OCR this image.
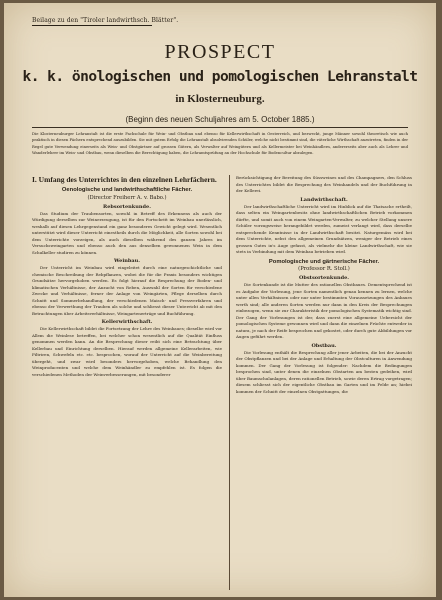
Beilage zu den "Tiroler landwirthsch. Blätter".
PROSPECT
k. k. önologischen und pomologischen Lehranstalt
in Klosterneuburg.
(Beginn des neuen Schuljahres am 5. October 1885.)
Die Klosterneuburger Lehranstalt ist die erste Fachschule für Wein- und Obstbau und ebenso für Kellerwirthschaft in Oesterreich, und bezweckt, junge Männer sowohl theoretisch wie auch praktisch in diesen Fächern entsprechend auszubilden. Sie mit gutem Erfolg die Lehranstalt absolvirenden Schüler, welche nicht bestimmt sind, die väterliche Wirthschaft anzutreten, finden in der Regel gute Verwendung einerseits als Wein- und Obstgärtner auf grossen Gütern, als Verwalter auf Weingütern und als Kellermeister bei Weinhändlern, andererseits aber auch als Lehrer und Wanderlehrer im Wein- und Obstbau, wenn dieselben die Berechtigung haben, die Lehramtsprüfung an der Hochschule für Bodencultur abzulegen.
I. Umfang des Unterrichtes in den einzelnen Lehrfächern.
Oenologische und landwirthschaftliche Fächer.
(Director Freiherr A. v. Babo.)
Rebsortenkunde.

Das Studium der Traubensorten, sowohl in Betreff des Erkennens als auch der Würdigung derselben zur Weinerzeugung, ist für den Fortschritt im Weinbau unerlässlich, weshalb auf diesen Lehrgegenstand ein ganz besonderes Gewicht gelegt wird. Wesentlich unterstützt wird dieser Unterricht einestheils durch die Möglichkeit, alle Sorten sowohl bei dem Unterrichte vorzeigen, als auch dieselben während des ganzen Jahres im Versuchsweingarten und ebenso auch den aus denselben gewonnenen Wein in dem Schulkeller studiren zu können.

Weinbau.

Der Unterricht im Weinbau wird eingeleitet durch eine naturgeschichtliche und chemische Beschreibung der Rebpflanzen, wobei die für die Praxis besonders wichtigen Grundsätze hervorgehoben werden. Es folgt hierauf die Besprechung der Boden- und klimatischen Verhältnisse, der Anzucht von Reben, Auswahl der Sorten für verschiedene Zwecke und Verhältnisse, ferner der Anlage von Weingärten, Pflege derselben durch Schnitt und Sommerbehandlung, der verschiedenen Maisch- und Pressverfahren und ebenso der Verwerthung der Trauben als solche und schliesst dieser Unterricht ab mit den Betrachtungen über Arbeitsverhältnisse, Weingartenerträge und Buchführung.

Kellerwirthschaft.

Die Kellerwirthschaft bildet die Fortsetzung der Lehre des Weinbaues; dieselbe wird vor Allem die Weinlese betreffen, bei welcher schon wesentlich auf die Qualität Einfluss genommen werden kann. An die Besprechung dieser reiht sich eine Betrachtung über Kellerbau und Einrichtung derselben. Hierauf werden allgemeine Kellerarbeiten, wie Filtriren, Schwefeln etc. etc. besprochen, worauf der Unterricht auf die Weinbereitung übergeht, und zwar wird besonders hervorgehoben, welche Behandlung den Weinproducenten und welche dem Weinhändler zu empfehlen ist. Es folgen die verschiedenen Methoden der Weinverbesserungen, mit besonderer

Berücksichtigung der Bereitung des Süssweines und des Champagners, den Schluss des Unterrichtes bildet die Besprechung des Weinhandels und der Buchführung in der Kellerei.

Landwirthschaft.

Der landwirthschaftliche Unterricht wird im Hinblick auf die Thatsache ertheilt, dass selten ein Weingartenbesitz ohne landwirthschaftlichen Betrieb vorkommen dürfte, und somit auch von einem Weingarten-Verwalter, zu welcher Stellung unsere Schüler vorzugsweise herangebildet werden, zumeist verlangt wird, dass derselbe entsprechende Kenntnisse in der Landwirthschaft besitzt. Naturgemäss wird bei dem Unterrichte, nebst den allgemeinen Grundsätzen, weniger der Betrieb eines grossen Gutes in's Auge gefasst, als vielmehr die kleine Landwirthschaft, wie sie stets in Verbindung mit dem Weinbau betrieben wird.

Pomologische und gärtnerische Fächer.
(Professor R. Stoll.)
Obstsortenkunde.

Die Sortenkunde ist die Mutter des rationellen Obstbaues. Dementsprechend ist es Aufgabe der Vorlesung, jene Sorten namentlich genau kennen zu lernen, welche unter allen Verhältnissen oder nur unter bestimmten Voraussetzungen des Anbaues werth sind; alle anderen Sorten werden nur dann in den Kreis der Besprechungen einbezogen, wenn sie zur Charakteristik der pomologischen Systematik wichtig sind. Der Gang der Vorlesungen ist der, dass zuerst eine allgemeine Uebersicht der pomologischen Systeme gewonnen wird und dann die einzelnen Früchte entweder in natura, je nach der Reife besprochen und gekostet, oder durch gute Abbildungen vor Augen geführt werden.

Obstbau.

Die Vorlesung enthält die Besprechung aller jener Arbeiten, die bei der Anzucht der Obstpflanzen und bei der Anlage und Erhaltung der Obstculturen in Anwendung kommen. Der Gang der Vorlesung ist folgender: Nachdem die Bedingungen besprochen sind, unter denen die einzelnen Obstarten am besten gedeihen, wird über Baumschulanlagen, deren rationellen Betrieb, sowie deren Ertrag vorgetragen; diesem schliesst sich der eigentliche Obstbau im Garten und im Felde an; hiebei kommen der Schnitt der einzelnen Obstgattungen, die
